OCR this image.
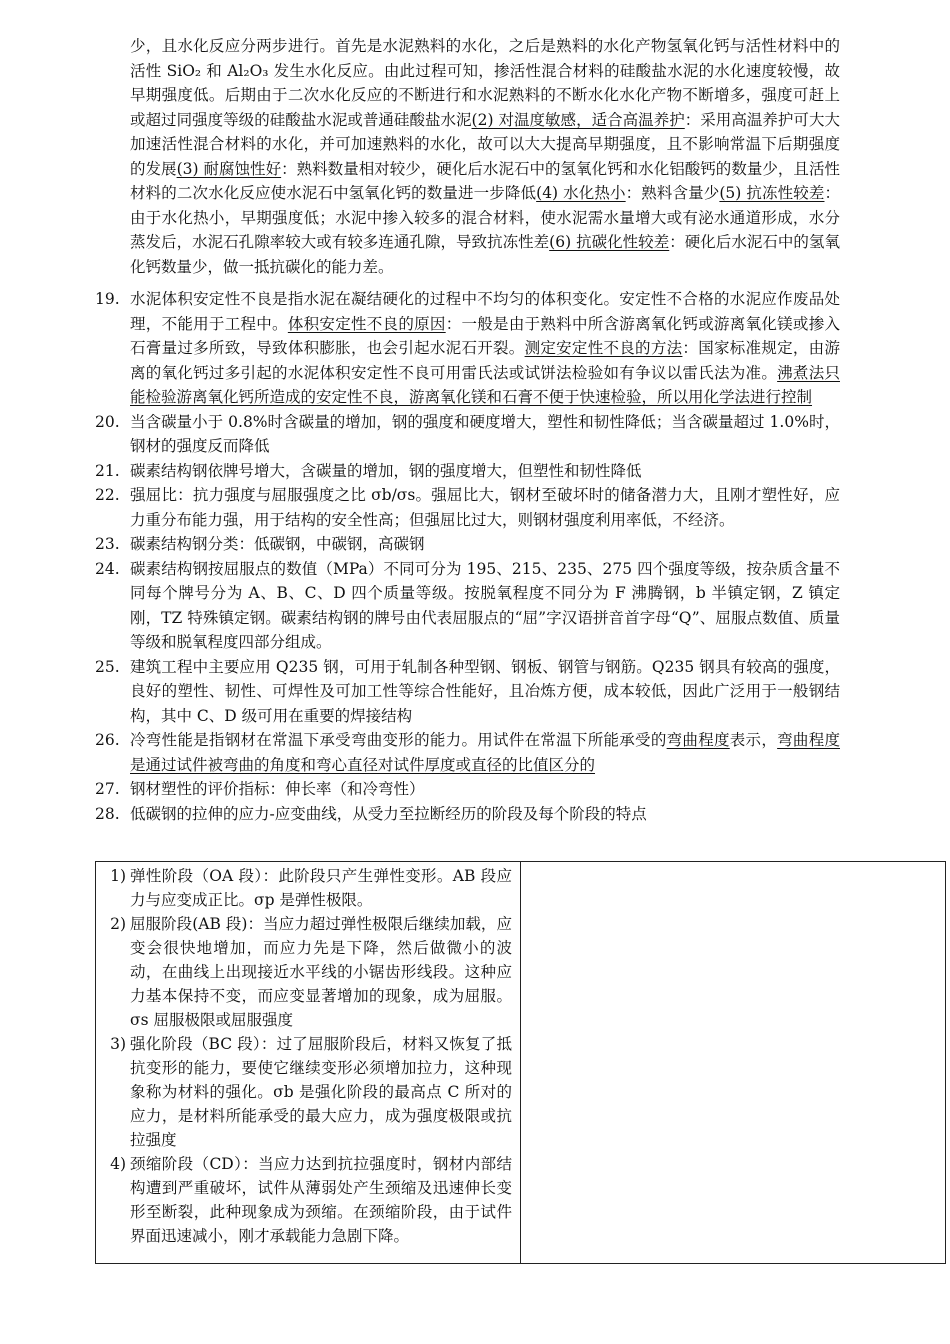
少，且水化反应分两步进行。首先是水泥熟料的水化，之后是熟料的水化产物氢氧化钙与活性材料中的活性 SiO₂ 和 Al₂O₃ 发生水化反应。由此过程可知，掺活性混合材料的硅酸盐水泥的水化速度较慢，故早期强度低。后期由于二次水化反应的不断进行和水泥熟料的不断水化水化产物不断增多，强度可赶上或超过同强度等级的硅酸盐水泥或普通硅酸盐水泥(2) 对温度敏感，适合高温养护：采用高温养护可大大加速活性混合材料的水化，并可加速熟料的水化，故可以大大提高早期强度，且不影响常温下后期强度的发展(3) 耐腐蚀性好：熟料数量相对较少，硬化后水泥石中的氢氧化钙和水化铝酸钙的数量少，且活性材料的二次水化反应使水泥石中氢氧化钙的数量进一步降低(4) 水化热小：熟料含量少(5) 抗冻性较差：由于水化热小，早期强度低；水泥中掺入较多的混合材料，使水泥需水量增大或有泌水通道形成，水分蒸发后，水泥石孔隙率较大或有较多连通孔隙，导致抗冻性差(6) 抗碳化性较差：硬化后水泥石中的氢氧化钙数量少，做一抵抗碳化的能力差。
19. 水泥体积安定性不良是指水泥在凝结硬化的过程中不均匀的体积变化。安定性不合格的水泥应作废品处理，不能用于工程中。体积安定性不良的原因：一般是由于熟料中所含游离氧化钙或游离氧化镁或掺入石膏量过多所致，导致体积膨胀，也会引起水泥石开裂。测定安定性不良的方法：国家标准规定，由游离的氧化钙过多引起的水泥体积安定性不良可用雷氏法或试饼法检验如有争议以雷氏法为准。沸煮法只能检验游离氧化钙所造成的安定性不良，游离氧化镁和石膏不便于快速检验，所以用化学法进行控制
20. 当含碳量小于 0.8%时含碳量的增加，钢的强度和硬度增大，塑性和韧性降低；当含碳量超过 1.0%时，钢材的强度反而降低
21. 碳素结构钢依牌号增大，含碳量的增加，钢的强度增大，但塑性和韧性降低
22. 强屈比：抗力强度与屈服强度之比 σb/σs。强屈比大，钢材至破坏时的储备潜力大，且刚才塑性好，应力重分布能力强，用于结构的安全性高；但强屈比过大，则钢材强度利用率低，不经济。
23. 碳素结构钢分类：低碳钢，中碳钢，高碳钢
24. 碳素结构钢按屈服点的数值（MPa）不同可分为 195、215、235、275 四个强度等级，按杂质含量不同每个牌号分为 A、B、C、D 四个质量等级。按脱氧程度不同分为 F 沸腾钢，b 半镇定钢，Z 镇定刚，TZ 特殊镇定钢。碳素结构钢的牌号由代表屈服点的“屈”字汉语拼音首字母“Q”、屈服点数值、质量等级和脱氧程度四部分组成。
25. 建筑工程中主要应用 Q235 钢，可用于轧制各种型钢、钢板、钢管与钢筋。Q235 钢具有较高的强度，良好的塑性、韧性、可焊性及可加工性等综合性能好，且冶炼方便，成本较低，因此广泛用于一般钢结构，其中 C、D 级可用在重要的焊接结构
26. 冷弯性能是指钢材在常温下承受弯曲变形的能力。用试件在常温下所能承受的弯曲程度表示，弯曲程度是通过试件被弯曲的角度和弯心直径对试件厚度或直径的比值区分的
27. 钢材塑性的评价指标：伸长率（和冷弯性）
28. 低碳钢的拉伸的应力-应变曲线，从受力至拉断经历的阶段及每个阶段的特点
1) 弹性阶段（OA 段）：此阶段只产生弹性变形。AB 段应力与应变成正比。σp 是弹性极限。
2) 屈服阶段(AB 段)：当应力超过弹性极限后继续加载，应变会很快地增加，而应力先是下降，然后做微小的波动，在曲线上出现接近水平线的小锯齿形线段。这种应力基本保持不变，而应变显著增加的现象，成为屈服。σs 屈服极限或屈服强度
3) 强化阶段（BC 段）：过了屈服阶段后，材料又恢复了抵抗变形的能力，要使它继续变形必须增加拉力，这种现象称为材料的强化。σb 是强化阶段的最高点 C 所对的应力，是材料所能承受的最大应力，成为强度极限或抗拉强度
4) 颈缩阶段（CD）：当应力达到抗拉强度时，钢材内部结构遭到严重破坏，试件从薄弱处产生颈缩及迅速伸长变形至断裂，此种现象成为颈缩。在颈缩阶段，由于试件界面迅速减小，刚才承载能力急剧下降。
